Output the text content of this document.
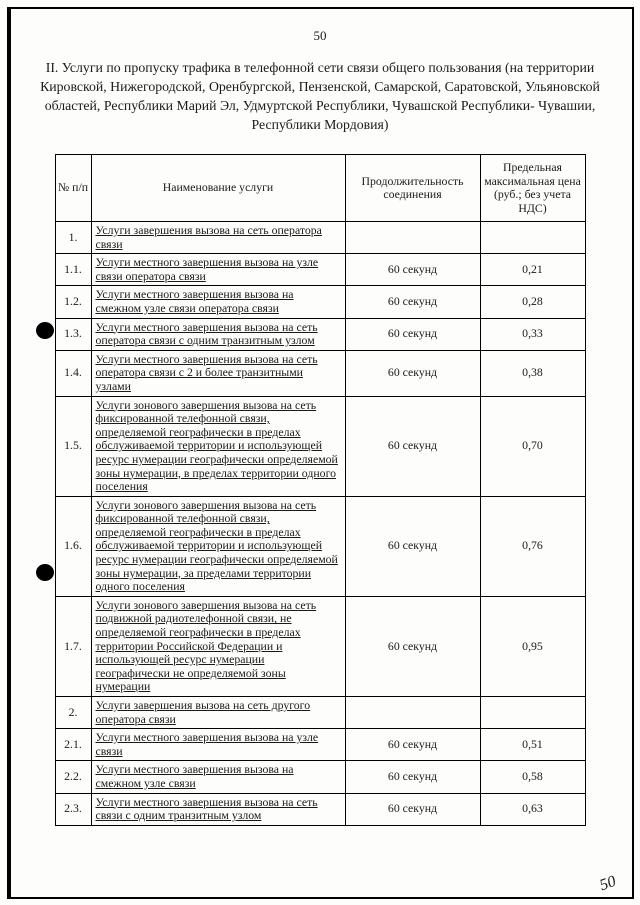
50
II. Услуги по пропуску трафика в телефонной сети связи общего пользования (на территории Кировской, Нижегородской, Оренбургской, Пензенской, Самарской, Саратовской, Ульяновской областей, Республики Марий Эл, Удмуртской Республики, Чувашской Республики- Чувашии, Республики Мордовия)
№ п/п	Наименование услуги	Продолжительность соединения	Предельная максимальная цена (руб.; без учета НДС)
1.	Услуги завершения вызова на сеть оператора связи		
1.1.	Услуги местного завершения вызова на узле связи оператора связи	60 секунд	0,21
1.2.	Услуги местного завершения вызова на смежном узле связи оператора связи	60 секунд	0,28
1.3.	Услуги местного завершения вызова на сеть оператора связи с одним транзитным узлом	60 секунд	0,33
1.4.	Услуги местного завершения вызова на сеть оператора связи с 2 и более транзитными узлами	60 секунд	0,38
1.5.	Услуги зонового завершения вызова на сеть фиксированной телефонной связи, определяемой географически в пределах обслуживаемой территории и использующей ресурс нумерации географически определяемой зоны нумерации, в пределах территории одного поселения	60 секунд	0,70
1.6.	Услуги зонового завершения вызова на сеть фиксированной телефонной связи, определяемой географически в пределах обслуживаемой территории и использующей ресурс нумерации географически определяемой зоны нумерации, за пределами территории одного поселения	60 секунд	0,76
1.7.	Услуги зонового завершения вызова на сеть подвижной радиотелефонной связи, не определяемой географически в пределах территории Российской Федерации и использующей ресурс нумерации географически не определяемой зоны нумерации	60 секунд	0,95
2.	Услуги завершения вызова на сеть другого оператора связи		
2.1.	Услуги местного завершения вызова на узле связи	60 секунд	0,51
2.2.	Услуги местного завершения вызова на смежном узле связи	60 секунд	0,58
2.3.	Услуги местного завершения вызова на сеть связи с одним транзитным узлом	60 секунд	0,63
50
